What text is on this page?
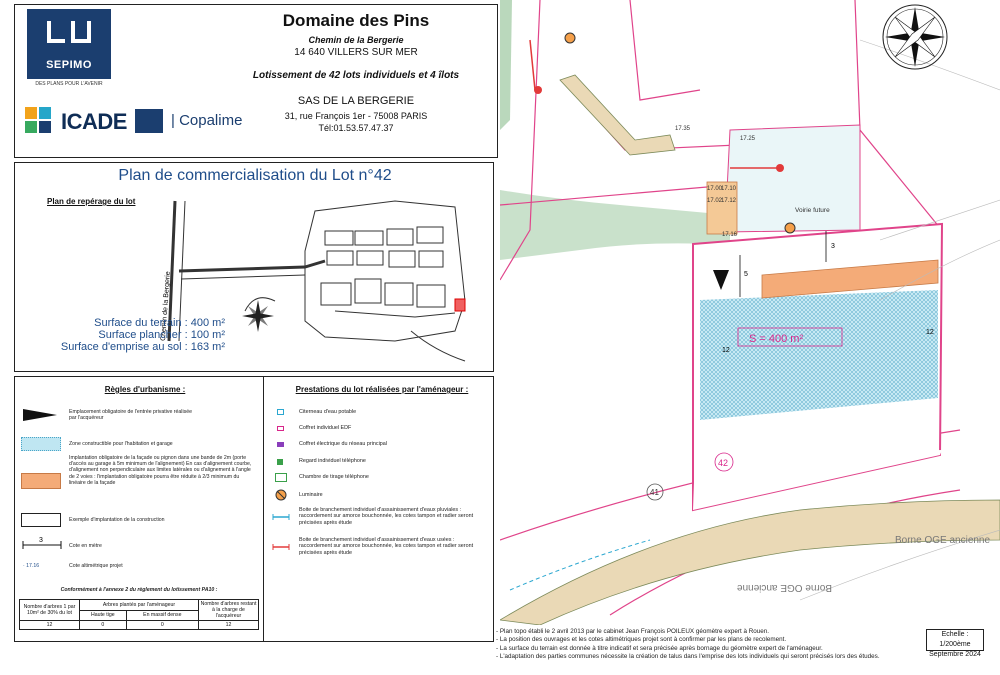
SEPIMO
DES PLANS POUR L'AVENIR
ICADE	| Copalime
Domaine des Pins
Chemin de la Bergerie
14 640 VILLERS SUR MER
Lotissement de 42 lots individuels et 4 îlots
SAS DE LA BERGERIE
31, rue François 1er - 75008 PARIS
Tél:01.53.57.47.37
Plan de commercialisation du Lot n°42
Plan de repérage du lot
Chemin de la Bergerie
Surface du terrain : 400 m²
Surface plancher : 100 m²
Surface d'emprise au sol : 163 m²
Règles d'urbanisme :	Prestations du lot réalisées par l'aménageur :
Emplacement obligatoire de l'entrée privative réalisée par l'acquéreur
Zone constructible pour l'habitation et garage
Implantation obligatoire de la façade ou pignon dans une bande de 2m (porte d'accès au garage à 5m minimum de l'alignement) En cas d'alignement courbe, d'alignement non perpendiculaire aux limites latérales ou d'alignement à l'angle de 2 voies : l'implantation obligatoire pourra être réduite à 2/3 minimum du linéaire de la façade
Exemple d'implantation de la construction
3
Cote en mètre
· 17.16	Cote altimétrique projet
Conformément à l'annexe 2 du règlement du lotissement PA10 :
Nombre d'arbres 1 par 10m² de 30% du lot	Arbres plantés par l'aménageur		Nombre d'arbres restant à la charge de l'acquéreur
	Haute tige	En massif dense	
12	0	0	12
Citerneau d'eau potable
Coffret individuel EDF
Coffret électrique du réseau principal
Regard individuel téléphone
Chambre de tirage téléphone
Luminaire
Boite de branchement individuel d'assainissement d'eaux pluviales : raccordement sur amorce bouchonnée, les cotes tampon et radier seront précisées après étude
Boite de branchement individuel d'assainissement d'eaux usées : raccordement sur amorce bouchonnée, les cotes tampon et radier seront précisées après étude
S = 400 m²
42
41
Voirie future
3
5
12
12
Borne OGE ancienne
Borne OGE ancienne
17.25
17.00
17.10
17.02
17.12
17.16
17.35
- Plan topo établi le 2 avril 2013 par le cabinet Jean François POILEUX géomètre expert à Rouen.
- La position des ouvrages et les cotes altimétriques projet sont à confirmer par les plans de recolement.
- La surface du terrain est donnée à titre indicatif et sera précisée après bornage du géomètre expert de l'aménageur.
- L'adaptation des parties communes nécessite la création de talus dans l'emprise des lots individuels qui seront précisés lors des études.
Echelle : 1/200ème
Septembre 2024
